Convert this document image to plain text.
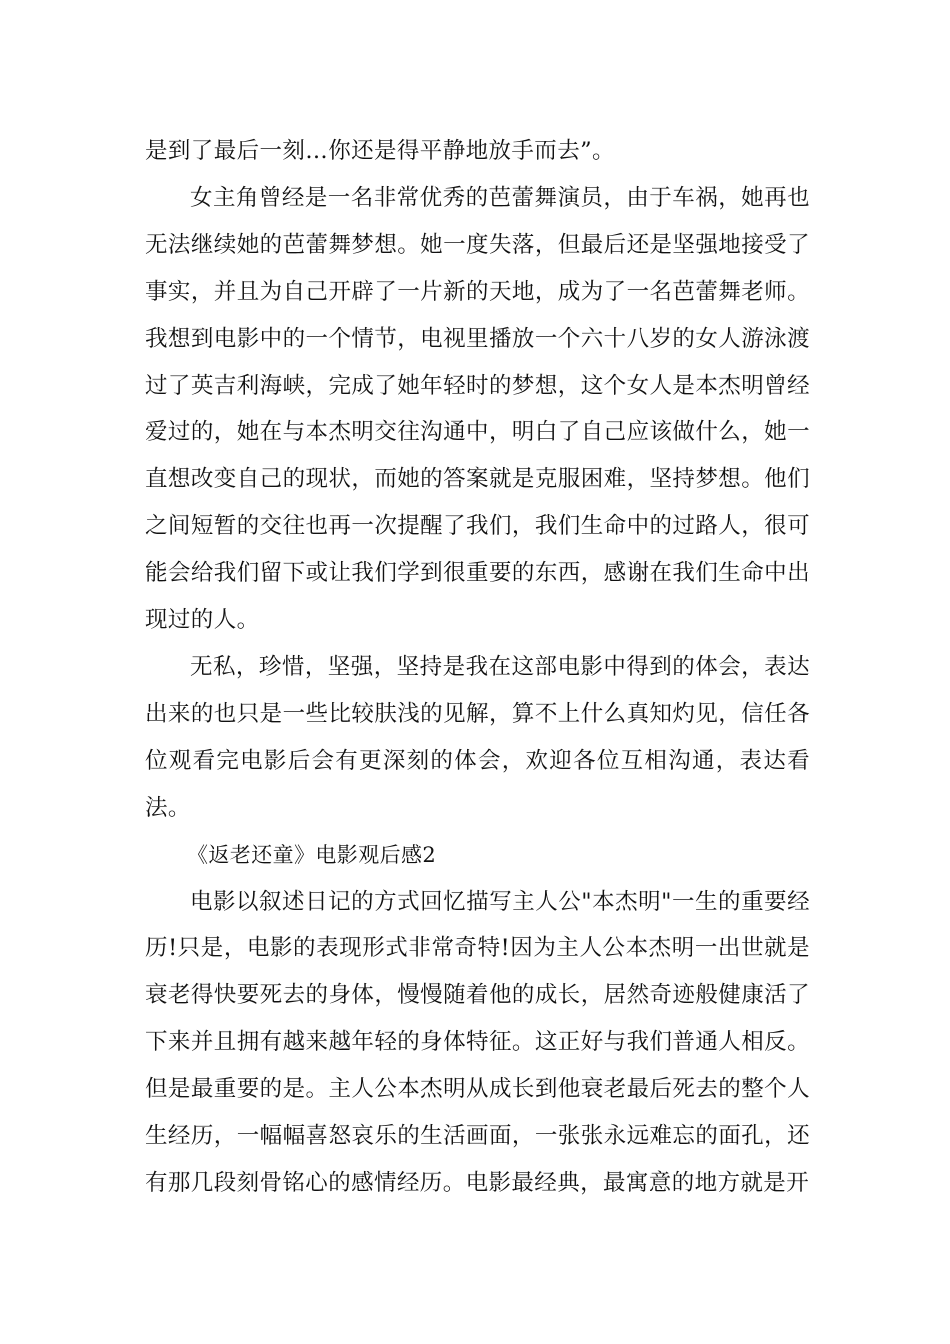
是到了最后一刻…你还是得平静地放手而去”。

女主角曾经是一名非常优秀的芭蕾舞演员，由于车祸，她再也无法继续她的芭蕾舞梦想。她一度失落，但最后还是坚强地接受了事实，并且为自己开辟了一片新的天地，成为了一名芭蕾舞老师。我想到电影中的一个情节，电视里播放一个六十八岁的女人游泳渡过了英吉利海峡，完成了她年轻时的梦想，这个女人是本杰明曾经爱过的，她在与本杰明交往沟通中，明白了自己应该做什么，她一直想改变自己的现状，而她的答案就是克服困难，坚持梦想。他们之间短暂的交往也再一次提醒了我们，我们生命中的过路人，很可能会给我们留下或让我们学到很重要的东西，感谢在我们生命中出现过的人。

无私，珍惜，坚强，坚持是我在这部电影中得到的体会，表达出来的也只是一些比较肤浅的见解，算不上什么真知灼见，信任各位观看完电影后会有更深刻的体会，欢迎各位互相沟通，表达看法。

《返老还童》电影观后感2

电影以叙述日记的方式回忆描写主人公"本杰明"一生的重要经历!只是，电影的表现形式非常奇特!因为主人公本杰明一出世就是衰老得快要死去的身体，慢慢随着他的成长，居然奇迹般健康活了下来并且拥有越来越年轻的身体特征。这正好与我们普通人相反。但是最重要的是。主人公本杰明从成长到他衰老最后死去的整个人生经历，一幅幅喜怒哀乐的生活画面，一张张永远难忘的面孔，还有那几段刻骨铭心的感情经历。电影最经典，最寓意的地方就是开
